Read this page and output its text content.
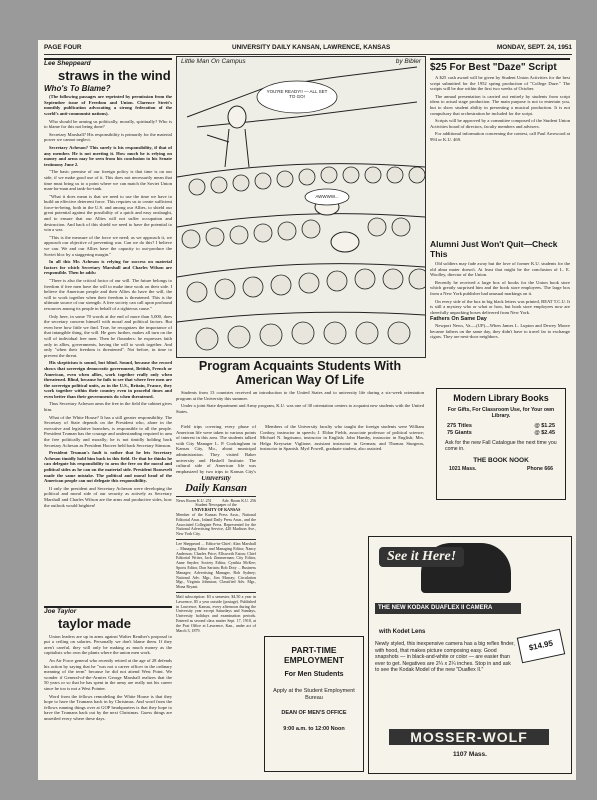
PAGE FOUR	UNIVERSITY DAILY KANSAN, LAWRENCE, KANSAS	MONDAY, SEPT. 24, 1951
Lee Sheppeard
straws in the wind
Who's To Blame?

(The following passages are reprinted by permission from the September issue of Freedom and Union. Clarence Streit's monthly publication advocating a strong federation of the world's anti-communist nations).

Who should be arming us politically, morally, spiritually? Who is to blame for this not being done?

Secretary Marshall? His responsibility is primarily for the material power we cannot neglect.

Secretary Acheson? This surely is his responsibility, if that of any member. He is not meeting it. How much he is relying on money and arms may be seen from his conclusion to his Senate testimony June 2.

"The basic premise of our foreign policy is that time is on our side, if we make good use of it. This does not necessarily mean that time must bring us to a point where we can match the Soviet Union man-for-man and tank-for-tank.

"What it does mean is that we need to use the time we have to build an effective deterrent force. This requires us to create sufficient force-in-being, both in the U.S. and among our Allies, to shield our great potential against the possibility of a quick and easy onslaught, and to ensure that our Allies will not suffer occupation and destruction. And back of this shield we need to have the potential to win a war.

"This is the measure of the force we need; as we approach it, we approach our objective of preventing war. Can we do this? I believe we can. We and our Allies have the capacity to out-produce the Soviet bloc by a staggering margin."

In all this Mr. Acheson is relying for success on material factors for which Secretary Marshall and Charles Wilson are responsible. Then he adds:

"There is also the critical factor of our will. The future belongs to freedom if free men have the will to make time work on their side. I believe the American people and their Allies do have the will, the will to work together when their freedom is threatened. This is the ultimate source of our strength. A free society can call upon profound resources among its people in behalf of a righteous cause."

Only here, in some 70 words at the end of more than 5,000, does the secretary concern himself with moral and political factors. But even here how little we find. True, he recognizes the importance of that intangible thing, the will. He goes further, makes all turn on the will of individual free men. Then he flounders: he expresses faith only in allies, governments, having the will to work together. And only "when their freedom is threatened". Not before, in time to prevent the threat.

His skepticism is sound, but blind. Sound, because the record shows that sovereign democratic government, British, French or American, even when allies, work together really only when threatened. Blind, because he fails to see that where free men are the sovereign political units, as in the U.S., Britain, France, they work together within their country even in peaceful times and even better than their governments do when threatened.

Thus Secretary Acheson arms the free in the field the cabinet gives him.

What of the White House? It has a still greater responsibility. The Secretary of State depends on the President who, alone in the executive and legislative branches, is responsible to all the people. President Truman has the courage and understanding required to arm the free politically and morally; he is not timidly holding back Secretary Acheson as President Hoover held back Secretary Stimson.

President Truman's fault is rather that he lets Secretary Acheson timidly hold him back in this field. Or that he thinks he can delegate his responsibility to arm the free on the moral and political sides as he can on the material side. President Roosevelt made the same mistake. The political and moral head of the American people can not delegate this responsibility.

If only the president and Secretary Acheson were developing the political and moral side of our security as actively as Secretary Marshall and Charles Wilson are the arms and productive sides, how the outlook would brighten!

Joe Taylor
taylor made

Union leaders are up in arms against Walter Reuther's proposal to put a ceiling on salaries. Personally we don't blame them. If they aren't careful, they will only be making as much money as the capitalists who own the plants where the union men work.

An Air Force general who recently retired at the age of 28 defends his action by saying that he "was not a career officer in the ordinary meaning of the term" because he did not attend West Point. We wonder if General-of-the-Armies George Marshall realizes that the 50 years or so that he has spent in the army are really not his career since he too is not a West Pointer.

Word from the fellows remodeling the White House is that they hope to have the Trumans back in by Christmas. And word from the fellows running things over at GOP headquarters is that they hope to have the Trumans back out by the next Christmas. Guess things are unsettled every where these days.

Little Man On Campus	by Bibler
YOU'RE READY!! — ALL SET TO GO!
AWWWW...
Program Acquaints Students With American Way Of Life

Students from 13 countries received an introduction to the United States and to university life during a six-week orientation program at the University this summer.

Under a joint State department and Army program, K.U. was one of 30 orientation centers to acquaint new students with the United States.

Field trips covering every phase of American life were taken to various points of interest in this area. The students talked with City Manager L. P. Cookingham in Kansas City, Mo., about municipal administration. They visited Baker university and Haskell Institute. The cultural side of American life was emphasized by two trips to Kansas City's

University
Daily Kansan
News Room K.U. 251	Adv. Room K.U. 256
Student Newspaper of the
UNIVERSITY OF KANSAS
Member of the Kansas Press Assn., National Editorial Assn., Inland Daily Press Assn., and the Associated Collegiate Press. Represented for the National Advertising Service, 420 Madison Ave., New York City.
Lee Sheppeard ... Editor-in-Chief; Alan Marshall ... Managing Editor and Managing Editor; Nancy Anderson; Charles Price; Ellsworth Eaton; Chief Editorial Writer, Jack Zimmerman; City Editor, Anne Snyder; Society Editor, Cynthia McKee; Sports Editor, Don Sartain; Bob Doty ... Business Manager; Advertising Manager, Bob Sydney; National Adv. Mgr., Jim Murray; Circulation Mgr., Virginia Johnston; Classified Adv. Mgr., Mona Bryant.
Mail subscription: $3 a semester, $4.50 a year in Lawrence, $5 a year outside (postage). Published in Lawrence, Kansas, every afternoon during the University year except Saturdays and Sundays, University holidays and examination periods. Entered as second class matter Sept. 17, 1910, at the Post Office at Lawrence, Kan., under act of March 3, 1879.

Members of the University faculty who taught the foreign students were William Conboy, instructor in speech; J. Eldon Fields, associate professor of political science; Michael N. Ingrisano, instructor in English; John Hamby, instructor in English; Mrs. Helga Kreysztar Viglione, assistant instructor in German; and Thomas Sturgeon, instructor in Spanish. Myrl Powell, graduate student, also assisted.

PART-TIME EMPLOYMENT
For Men Students
Apply at the Student Employment Bureau
DEAN OF MEN'S OFFICE
9:00 a.m. to 12:00 Noon
$25 For Best "Daze" Script

A $25 cash award will be given by Student Union Activities for the best script submitted for the 1952 spring production of "College Daze." The scripts will be due within the first two weeks of October.

The annual presentation is carried out entirely by students from script ideas to actual stage production. The main purpose is not to entertain you, but to show student ability in presenting a musical production. It is not compulsory that orchestration be included for the script.

Scripts will be approved by a committee composed of the Student Union Activities board of directors, faculty members and advisers.

For additional information concerning the contest, call Paul Arrowood at 994 or K.U. 469.

Alumni Just Won't Quit—Check This

Old soldiers may fade away but the love of former K.U. students for the old alma mater doesn't. At least that might be the conclusion of L. E. Woolley, director of the Union.

Recently he received a large box of books for the Union book store which greatly surprised him and the book store employees. The large box from a New York publisher had unusual markings on it.

On every side of the box in big black letters was printed, BEAT T.C.U. It is still a mystery who or what or how, but book store employees now are cheerfully unpacking boxes delivered from New York.

Fathers On Same Day

Newport News, Va.—(UP)—When James L. Lupton and Dewey Moore became fathers on the same day, they didn't have to travel far to exchange cigars. They are next-door neighbors.

Modern Library Books
For Gifts, For Classroom Use, for Your own Library.
275 Titles	@ $1.25
75 Giants	@ $2.45
Ask for the new Fall Catalogue the next time you come in.
THE BOOK NOOK
1021 Mass.	Phone 666
See it Here!
THE NEW KODAK DUAFLEX II CAMERA
$14.95
with Kodet Lens
Newly styled, this inexpensive camera has a big reflex finder, with hood, that makes picture composing easy. Good snapshots — in black-and-white or color — are easier than ever to get. Negatives are 2¼ x 2¼ inches. Stop in and ask to see the Kodak Model of the new "Duaflex II."
MOSSER-WOLF
1107 Mass.
